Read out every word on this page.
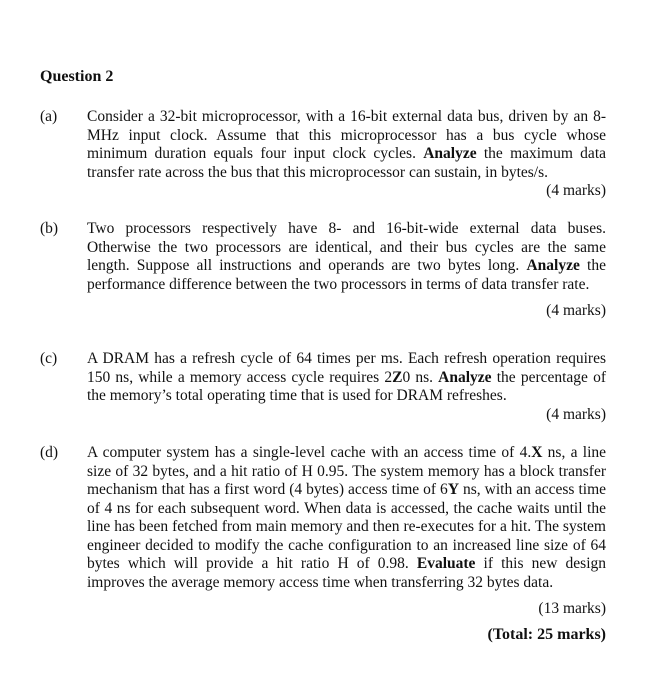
Question 2
(a) Consider a 32-bit microprocessor, with a 16-bit external data bus, driven by an 8-MHz input clock. Assume that this microprocessor has a bus cycle whose minimum duration equals four input clock cycles. Analyze the maximum data transfer rate across the bus that this microprocessor can sustain, in bytes/s.
(4 marks)
(b) Two processors respectively have 8- and 16-bit-wide external data buses. Otherwise the two processors are identical, and their bus cycles are the same length. Suppose all instructions and operands are two bytes long. Analyze the performance difference between the two processors in terms of data transfer rate.
(4 marks)
(c) A DRAM has a refresh cycle of 64 times per ms. Each refresh operation requires 150 ns, while a memory access cycle requires 2Z0 ns. Analyze the percentage of the memory’s total operating time that is used for DRAM refreshes.
(4 marks)
(d) A computer system has a single-level cache with an access time of 4.X ns, a line size of 32 bytes, and a hit ratio of H 0.95. The system memory has a block transfer mechanism that has a first word (4 bytes) access time of 6Y ns, with an access time of 4 ns for each subsequent word. When data is accessed, the cache waits until the line has been fetched from main memory and then re-executes for a hit. The system engineer decided to modify the cache configuration to an increased line size of 64 bytes which will provide a hit ratio H of 0.98. Evaluate if this new design improves the average memory access time when transferring 32 bytes data.
(13 marks)
(Total: 25 marks)
